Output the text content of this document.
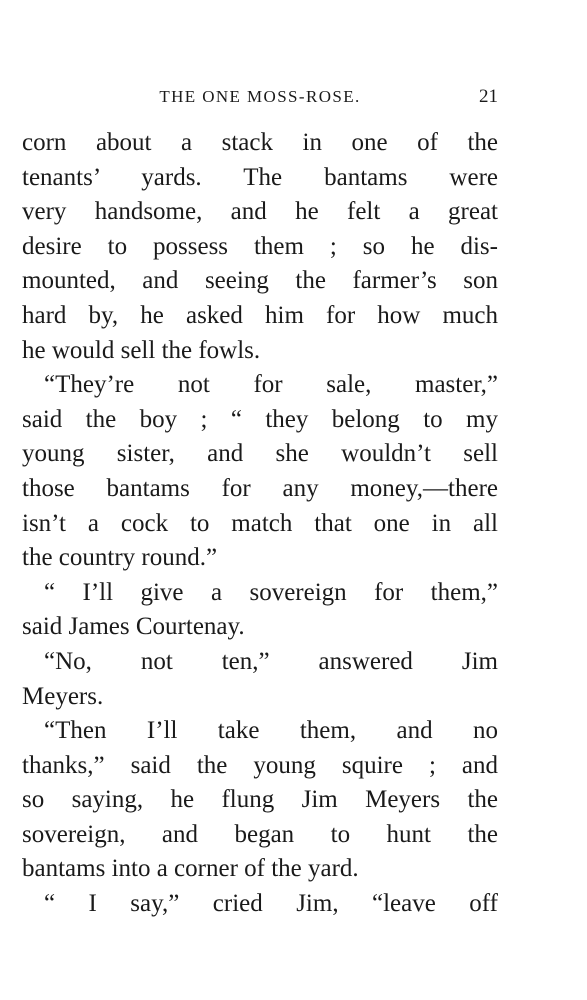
THE ONE MOSS-ROSE.	21
corn about a stack in one of the
tenants’ yards. The bantams were
very handsome, and he felt a great
desire to possess them ; so he dis-
mounted, and seeing the farmer’s son
hard by, he asked him for how much
he would sell the fowls.
“They’re not for sale, master,”
said the boy ; “ they belong to my
young sister, and she wouldn’t sell
those bantams for any money,—there
isn’t a cock to match that one in all
the country round.”
“ I’ll give a sovereign for them,”
said James Courtenay.
“No, not ten,” answered Jim
Meyers.
“Then I’ll take them, and no
thanks,” said the young squire ; and
so saying, he flung Jim Meyers the
sovereign, and began to hunt the
bantams into a corner of the yard.
“ I say,” cried Jim, “leave off
